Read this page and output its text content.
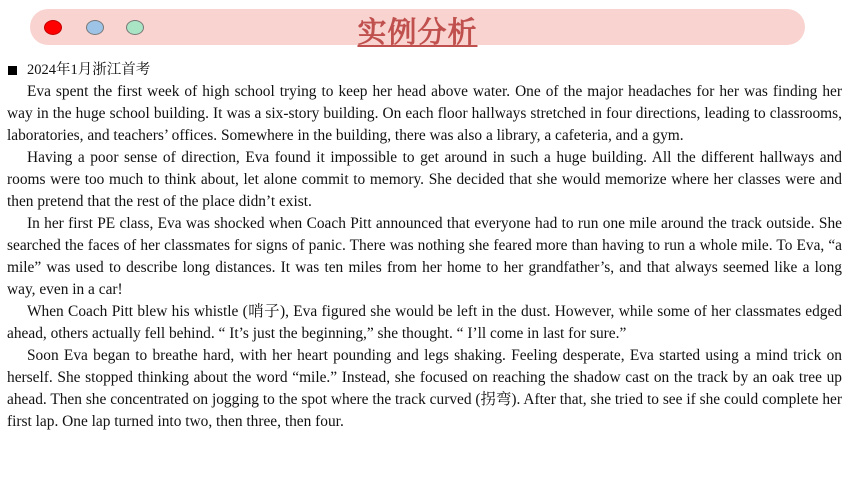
实例分析
2024年1月浙江首考

Eva spent the first week of high school trying to keep her head above water. One of the major headaches for her was finding her way in the huge school building. It was a six-story building. On each floor hallways stretched in four directions, leading to classrooms, laboratories, and teachers’ offices. Somewhere in the building, there was also a library, a cafeteria, and a gym.

Having a poor sense of direction, Eva found it impossible to get around in such a huge building. All the different hallways and rooms were too much to think about, let alone commit to memory. She decided that she would memorize where her classes were and then pretend that the rest of the place didn’t exist.

In her first PE class, Eva was shocked when Coach Pitt announced that everyone had to run one mile around the track outside. She searched the faces of her classmates for signs of panic. There was nothing she feared more than having to run a whole mile. To Eva, “a mile” was used to describe long distances. It was ten miles from her home to her grandfather’s, and that always seemed like a long way, even in a car!

When Coach Pitt blew his whistle (哨子), Eva figured she would be left in the dust. However, while some of her classmates edged ahead, others actually fell behind. “ It’s just the beginning,” she thought. “ I’ll come in last for sure.”

Soon Eva began to breathe hard, with her heart pounding and legs shaking. Feeling desperate, Eva started using a mind trick on herself. She stopped thinking about the word “mile.” Instead, she focused on reaching the shadow cast on the track by an oak tree up ahead. Then she concentrated on jogging to the spot where the track curved (拐弯). After that, she tried to see if she could complete her first lap. One lap turned into two, then three, then four.
